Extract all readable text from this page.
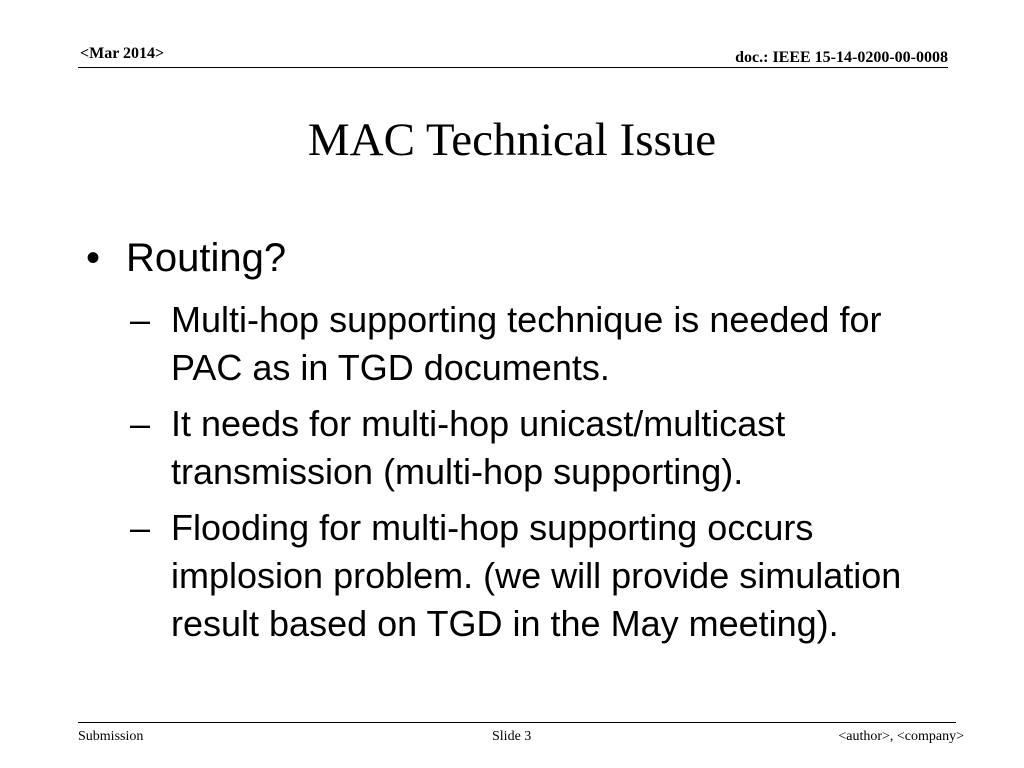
<Mar 2014>	doc.: IEEE 15-14-0200-00-0008
MAC Technical Issue
• Routing?
– Multi-hop supporting technique is needed for PAC as in TGD documents.
– It needs for multi-hop unicast/multicast transmission (multi-hop supporting).
– Flooding for multi-hop supporting occurs implosion problem. (we will provide simulation result based on TGD in the May meeting).
Submission	Slide 3	<author>, <company>
